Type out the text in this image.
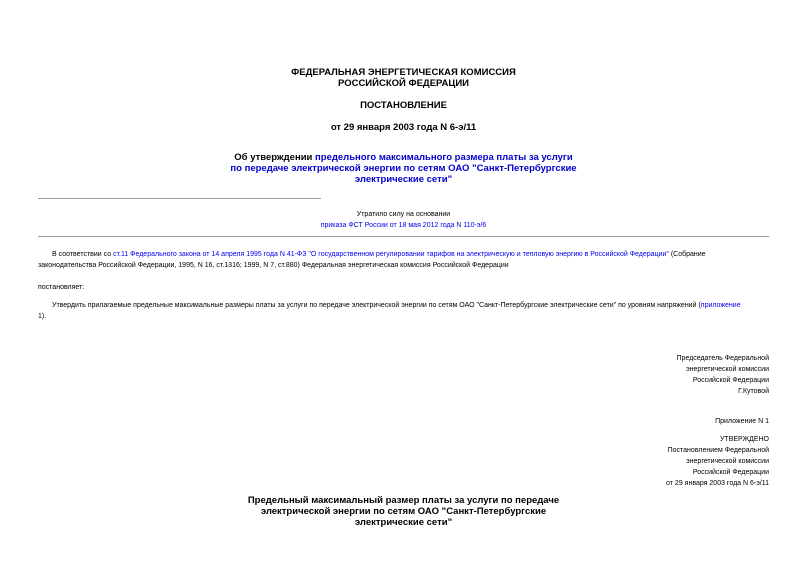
ФЕДЕРАЛЬНАЯ ЭНЕРГЕТИЧЕСКАЯ КОМИССИЯ
РОССИЙСКОЙ ФЕДЕРАЦИИ
ПОСТАНОВЛЕНИЕ
от 29 января 2003 года N 6-э/11
Об утверждении предельного максимального размера платы за услуги
по передаче электрической энергии по сетям ОАО "Санкт-Петербургские
электрические сети"
Утратило силу на основании
приказа ФСТ России от 18 мая 2012 года N 110-э/6
В соответствии со ст.11 Федерального закона от 14 апреля 1995 года N 41-ФЗ "О государственном регулировании тарифов на электрическую и тепловую энергию в Российской Федерации" (Собрание
законодательства Российской Федерации, 1995, N 16, ст.1316; 1999, N 7, ст.880) Федеральная энергетическая комиссия Российской Федерации
постановляет:
Утвердить прилагаемые предельные максимальные размеры платы за услуги по передаче электрической энергии по сетям ОАО "Санкт-Петербургские электрические сети" по уровням напряжений (приложение
1).
Председатель Федеральной
энергетической комиссии
Российской Федерации
Г.Кутовой
Приложение N 1
УТВЕРЖДЕНО
Постановлением Федеральной
энергетической комиссии
Российской Федерации
от 29 января 2003 года N 6-э/11
Предельный максимальный размер платы за услуги по передаче
электрической энергии по сетям ОАО "Санкт-Петербургские
электрические сети"
